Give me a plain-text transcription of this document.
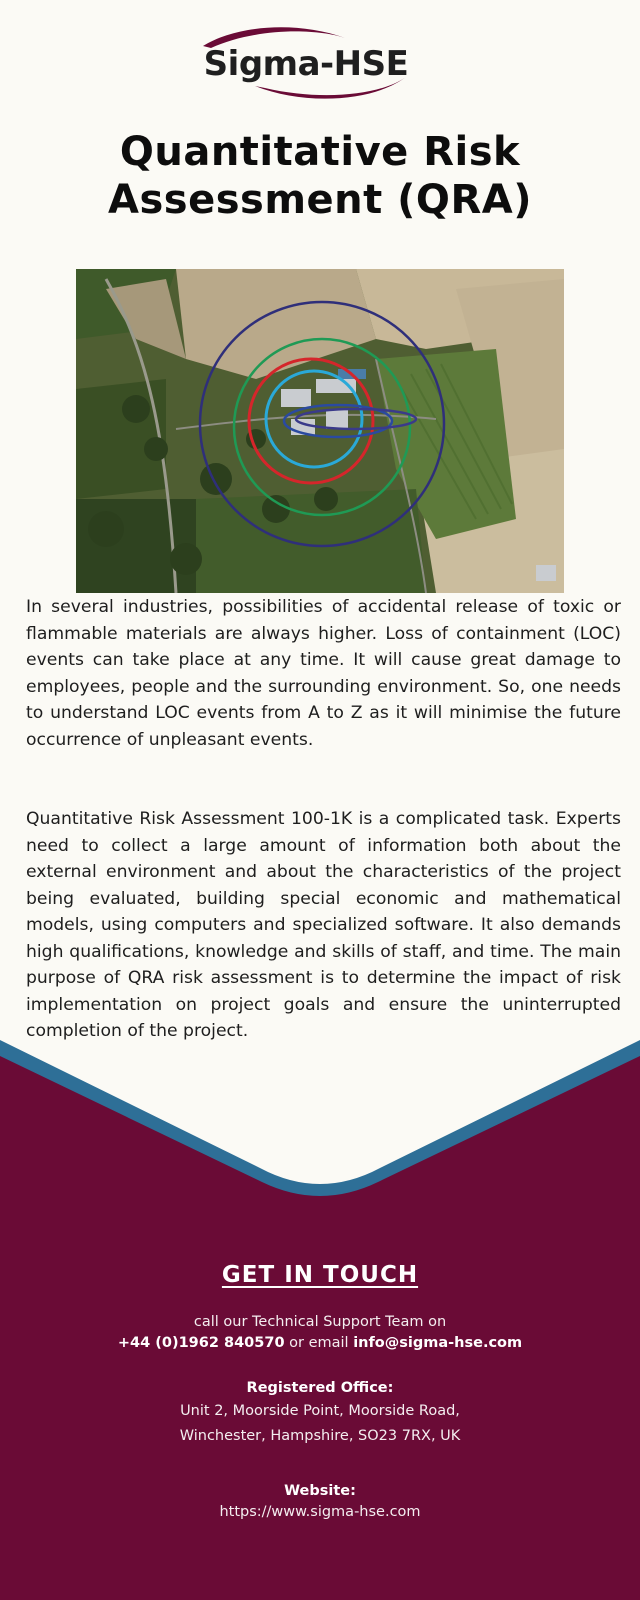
Sigma-HSE
Quantitative Risk
Assessment (QRA)

In several industries, possibilities of accidental release of toxic or flammable materials are always higher. Loss of containment (LOC) events can take place at any time. It will cause great damage to employees, people and the surrounding environment. So, one needs to understand LOC events from A to Z as it will minimise the future occurrence of unpleasant events.

Quantitative Risk Assessment 100-1K is a complicated task. Experts need to collect a large amount of information both about the external environment and about the characteristics of the project being evaluated, building special economic and mathematical models, using computers and specialized software. It also demands high qualifications, knowledge and skills of staff, and time. The main purpose of QRA risk assessment is to determine the impact of risk implementation on project goals and ensure the uninterrupted completion of the project.

GET IN TOUCH
call our Technical Support Team on
+44 (0)1962 840570 or email info@sigma-hse.com
Registered Office:
Unit 2, Moorside Point, Moorside Road,
Winchester, Hampshire, SO23 7RX, UK
Website:
https://www.sigma-hse.com
